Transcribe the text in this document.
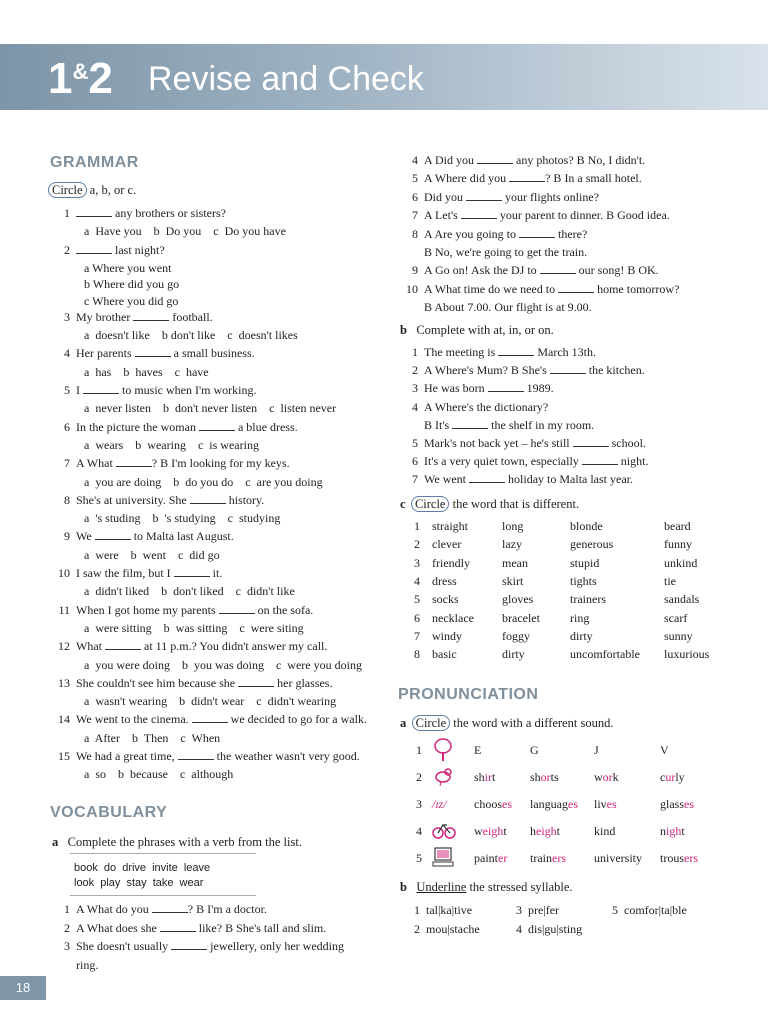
1&2 Revise and Check
GRAMMAR
Circle a, b, or c.
1	any brothers or sisters?
a  Have you    b  Do you    c  Do you have
2	last night?
a Where you went
b Where did you go
c Where you did go
3 My brother	football.
a  doesn't like    b don't like    c  doesn't likes
4 Her parents	a small business.
a  has    b  haves    c  have
5 I	to music when I'm working.
a  never listen    b  don't never listen    c  listen never
6 In the picture the woman	a blue dress.
a  wears    b  wearing    c  is wearing
7 A What	? B I'm looking for my keys.
a  you are doing    b  do you do    c  are you doing
8 She's at university. She	history.
a  's studing    b  's studying    c  studying
9 We	to Malta last August.
a  were    b  went    c  did go
10 I saw the film, but I	it.
a  didn't liked    b  don't liked    c  didn't like
11 When I got home my parents	on the sofa.
a  were sitting    b  was sitting    c  were siting
12 What	at 11 p.m.? You didn't answer my call.
a  you were doing    b  you was doing    c  were you doing
13 She couldn't see him because she	her glasses.
a  wasn't wearing    b  didn't wear    c  didn't wearing
14 We went to the cinema.	we decided to go for a walk.
a  After    b  Then    c  When
15 We had a great time,	the weather wasn't very good.
a  so    b  because    c  although
VOCABULARY
a Complete the phrases with a verb from the list.
book do drive invite leave
look play stay take wear
1 A What do you	? B I'm a doctor.
2 A What does she	like? B She's tall and slim.
3 She doesn't usually	jewellery, only her wedding
ring.
4 A Did you	any photos? B No, I didn't.
5 A Where did you	? B In a small hotel.
6 Did you	your flights online?
7 A Let's	your parent to dinner. B Good idea.
8 A Are you going to	there?
B No, we're going to get the train.
9 A Go on! Ask the DJ to	our song! B OK.
10 A What time do we need to	home tomorrow?
B About 7.00. Our flight is at 9.00.
b Complete with at, in, or on.
1 The meeting is	March 13th.
2 A Where's Mum? B She's	the kitchen.
3 He was born	1989.
4 A Where's the dictionary?
B It's	the shelf in my room.
5 Mark's not back yet – he's still	school.
6 It's a very quiet town, especially	night.
7 We went	holiday to Malta last year.
c Circle the word that is different.
1 straight	long	blonde	beard
2 clever	lazy	generous	funny
3 friendly	mean	stupid	unkind
4 dress	skirt	tights	tie
5 socks	gloves	trainers	sandals
6 necklace bracelet	ring	scarf
7 windy	foggy	dirty	sunny
8 basic	dirty	uncomfortable luxurious
PRONUNCIATION
a Circle the word with a different sound.
1	E	G	J	V
2	shirt	shorts	work	curly
3 /ɪz/ chooses languages lives	glasses
4	weight height	kind	night
5	painter trainers university trousers
b Underline the stressed syllable.
1 tal|ka|tive
2 mou|stache
3 pre|fer
4 dis|gu|sting
5 comfor|ta|ble
18
